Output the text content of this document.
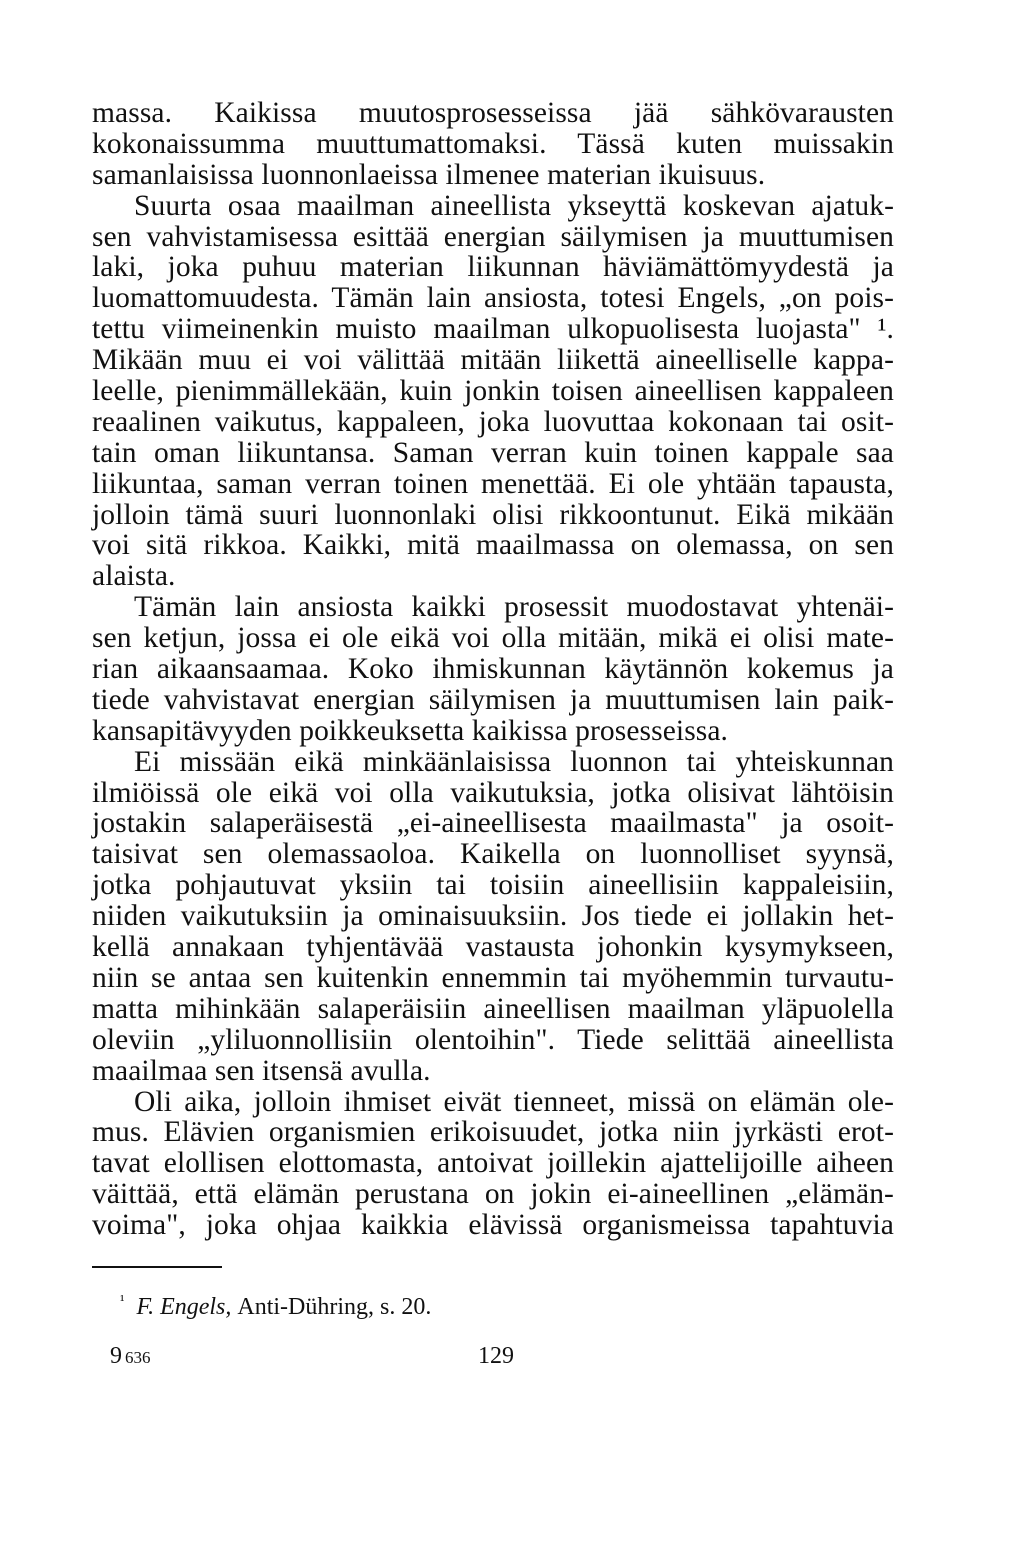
massa. Kaikissa muutosprosesseissa jää sähkövarausten
kokonaissumma muuttumattomaksi. Tässä kuten muissakin
samanlaisissa luonnonlaeissa ilmenee materian ikuisuus.
Suurta osaa maailman aineellista ykseyttä koskevan ajatuk-
sen vahvistamisessa esittää energian säilymisen ja muuttumisen
laki, joka puhuu materian liikunnan häviämättömyydestä ja
luomattomuudesta. Tämän lain ansiosta, totesi Engels, „on pois-
tettu viimeinenkin muisto maailman ulkopuolisesta luojasta" ¹.
Mikään muu ei voi välittää mitään liikettä aineelliselle kappa-
leelle, pienimmällekään, kuin jonkin toisen aineellisen kappaleen
reaalinen vaikutus, kappaleen, joka luovuttaa kokonaan tai osit-
tain oman liikuntansa. Saman verran kuin toinen kappale saa
liikuntaa, saman verran toinen menettää. Ei ole yhtään tapausta,
jolloin tämä suuri luonnonlaki olisi rikkoontunut. Eikä mikään
voi sitä rikkoa. Kaikki, mitä maailmassa on olemassa, on sen
alaista.
Tämän lain ansiosta kaikki prosessit muodostavat yhtenäi-
sen ketjun, jossa ei ole eikä voi olla mitään, mikä ei olisi mate-
rian aikaansaamaa. Koko ihmiskunnan käytännön kokemus ja
tiede vahvistavat energian säilymisen ja muuttumisen lain paik-
kansapitävyyden poikkeuksetta kaikissa prosesseissa.
Ei missään eikä minkäänlaisissa luonnon tai yhteiskunnan
ilmiöissä ole eikä voi olla vaikutuksia, jotka olisivat lähtöisin
jostakin salaperäisestä „ei-aineellisesta maailmasta" ja osoit-
taisivat sen olemassaoloa. Kaikella on luonnolliset syynsä,
jotka pohjautuvat yksiin tai toisiin aineellisiin kappaleisiin,
niiden vaikutuksiin ja ominaisuuksiin. Jos tiede ei jollakin het-
kellä annakaan tyhjentävää vastausta johonkin kysymykseen,
niin se antaa sen kuitenkin ennemmin tai myöhemmin turvautu-
matta mihinkään salaperäisiin aineellisen maailman yläpuolella
oleviin „yliluonnollisiin olentoihin". Tiede selittää aineellista
maailmaa sen itsensä avulla.
Oli aika, jolloin ihmiset eivät tienneet, missä on elämän ole-
mus. Elävien organismien erikoisuudet, jotka niin jyrkästi erot-
tavat elollisen elottomasta, antoivat joillekin ajattelijoille aiheen
väittää, että elämän perustana on jokin ei-aineellinen „elämän-
voima", joka ohjaa kaikkia elävissä organismeissa tapahtuvia
$^{^1}$ F. Engels, Anti-Dühring, s. 20.
9 636	129
